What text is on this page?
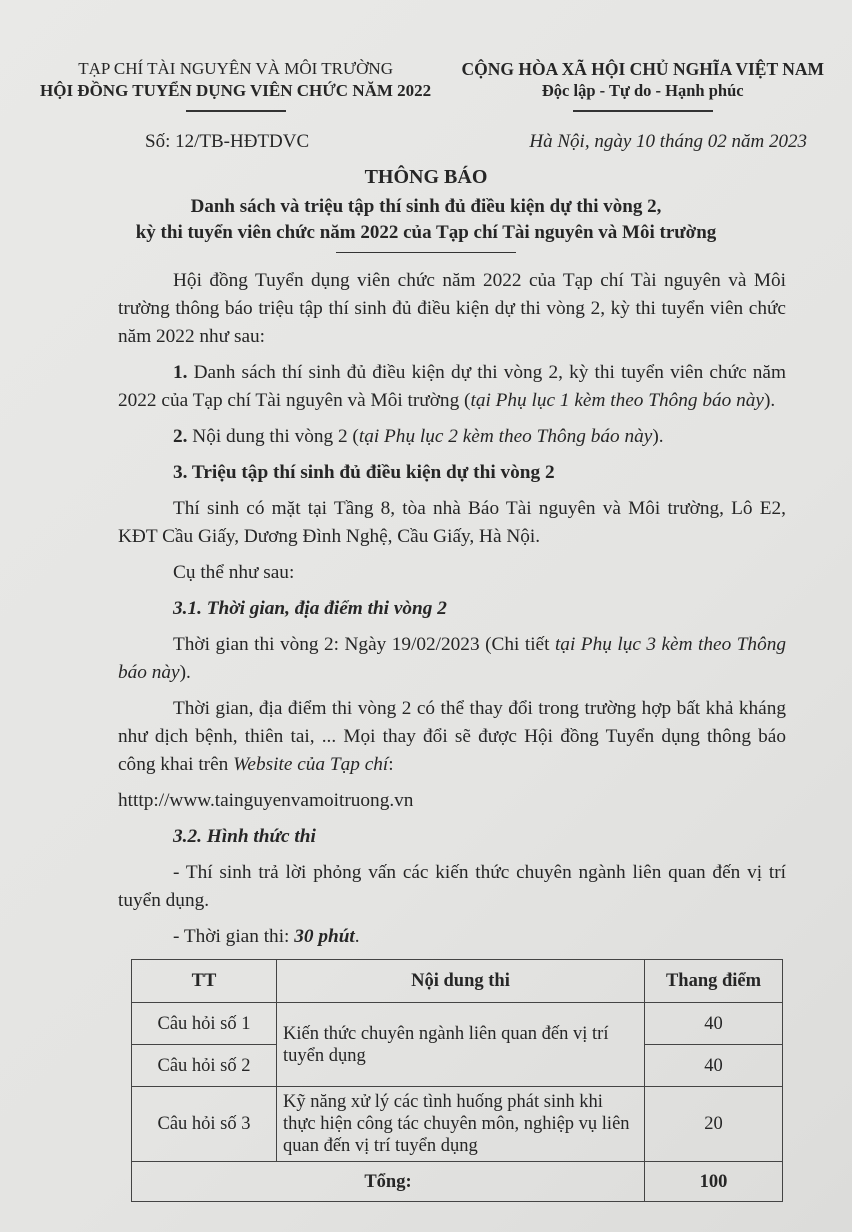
TẠP CHÍ TÀI NGUYÊN VÀ MÔI TRƯỜNG
HỘI ĐỒNG TUYỂN DỤNG VIÊN CHỨC NĂM 2022
CỘNG HÒA XÃ HỘI CHỦ NGHĨA VIỆT NAM
Độc lập - Tự do - Hạnh phúc
Số: 12/TB-HĐTDVC	Hà Nội, ngày 10 tháng 02 năm 2023
THÔNG BÁO
Danh sách và triệu tập thí sinh đủ điều kiện dự thi vòng 2,
kỳ thi tuyển viên chức năm 2022 của Tạp chí Tài nguyên và Môi trường

Hội đồng Tuyển dụng viên chức năm 2022 của Tạp chí Tài nguyên và Môi trường thông báo triệu tập thí sinh đủ điều kiện dự thi vòng 2, kỳ thi tuyển viên chức năm 2022 như sau:

1. Danh sách thí sinh đủ điều kiện dự thi vòng 2, kỳ thi tuyển viên chức năm 2022 của Tạp chí Tài nguyên và Môi trường (tại Phụ lục 1 kèm theo Thông báo này).

2. Nội dung thi vòng 2 (tại Phụ lục 2 kèm theo Thông báo này).

3. Triệu tập thí sinh đủ điều kiện dự thi vòng 2

Thí sinh có mặt tại Tầng 8, tòa nhà Báo Tài nguyên và Môi trường, Lô E2, KĐT Cầu Giấy, Dương Đình Nghệ, Cầu Giấy, Hà Nội.

Cụ thể như sau:

3.1. Thời gian, địa điểm thi vòng 2

Thời gian thi vòng 2: Ngày 19/02/2023 (Chi tiết tại Phụ lục 3 kèm theo Thông báo này).

Thời gian, địa điểm thi vòng 2 có thể thay đổi trong trường hợp bất khả kháng như dịch bệnh, thiên tai, ... Mọi thay đổi sẽ được Hội đồng Tuyển dụng thông báo công khai trên Website của Tạp chí:

htttp://www.tainguyenvamoitruong.vn

3.2. Hình thức thi

- Thí sinh trả lời phỏng vấn các kiến thức chuyên ngành liên quan đến vị trí tuyển dụng.

- Thời gian thi: 30 phút.

TT	Nội dung thi	Thang điểm
Câu hỏi số 1	Kiến thức chuyên ngành liên quan đến vị trí tuyển dụng	40
Câu hỏi số 2		40
Câu hỏi số 3	Kỹ năng xử lý các tình huống phát sinh khi thực hiện công tác chuyên môn, nghiệp vụ liên quan đến vị trí tuyển dụng	20
Tổng:		100
